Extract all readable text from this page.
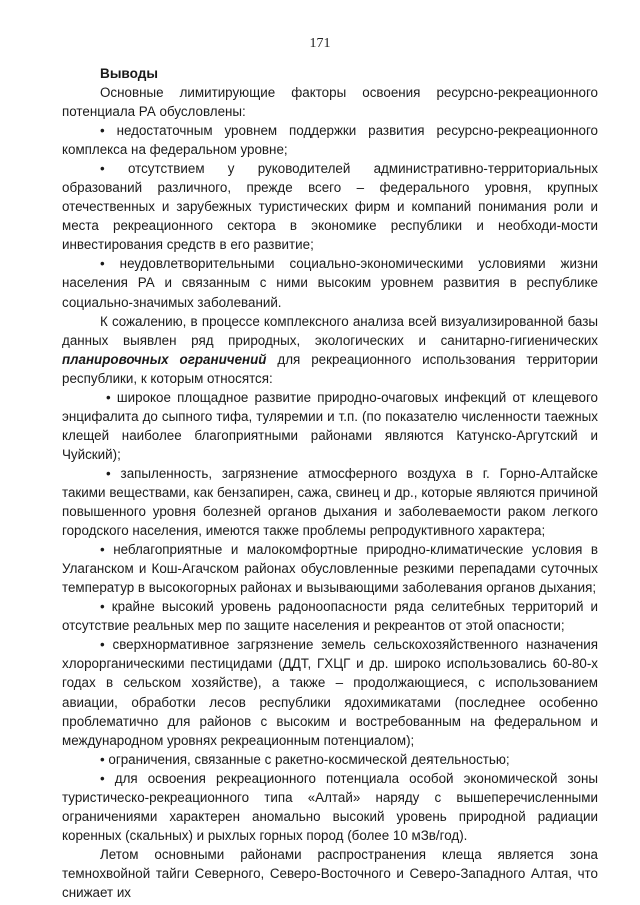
171

Выводы

Основные лимитирующие факторы освоения ресурсно-рекреационного потенциала РА обусловлены:

• недостаточным уровнем поддержки развития ресурсно-рекреационного комплекса на федеральном уровне;

• отсутствием у руководителей административно-территориальных образований различного, прежде всего – федерального уровня, крупных отечественных и зарубежных туристических фирм и компаний понимания роли и места рекреационного сектора в экономике республики и необходи-мости инвестирования средств в его развитие;

• неудовлетворительными социально-экономическими условиями жизни населения РА и связанным с ними высоким уровнем развития в республике социально-значимых заболеваний.

К сожалению, в процессе комплексного анализа всей визуализированной базы данных выявлен ряд природных, экологических и санитарно-гигиенических планировочных ограничений для рекреационного использования территории республики, к которым относятся:

• широкое площадное развитие природно-очаговых инфекций от клещевого энцифалита до сыпного тифа, туляремии и т.п. (по показателю численности таежных клещей наиболее благоприятными районами являются Катунско-Аргутский и Чуйский);

• запыленность, загрязнение атмосферного воздуха в г. Горно-Алтайске такими веществами, как бензапирен, сажа, свинец и др., которые являются причиной повышенного уровня болезней органов дыхания и заболеваемости раком легкого городского населения, имеются также проблемы репродуктивного характера;

• неблагоприятные и малокомфортные природно-климатические условия в Улаганском и Кош-Агачском районах обусловленные резкими перепадами суточных температур в высокогорных районах и вызывающими заболевания органов дыхания;

• крайне высокий уровень радоноопасности ряда селитебных территорий и отсутствие реальных мер по защите населения и рекреантов от этой опасности;

• сверхнормативное загрязнение земель сельскохозяйственного назначения хлорорганическими пестицидами (ДДТ, ГХЦГ и др. широко использовались 60-80-х годах в сельском хозяйстве), а также – продолжающиеся, с использованием авиации, обработки лесов республики ядохимикатами (последнее особенно проблематично для районов с высоким и востребованным на федеральном и международном уровнях рекреационным потенциалом);

• ограничения, связанные с ракетно-космической деятельностью;

• для освоения рекреационного потенциала особой экономической зоны туристическо-рекреационного типа «Алтай» наряду с вышеперечисленными ограничениями характерен аномально высокий уровень природной радиации коренных (скальных) и рыхлых горных пород (более 10 мЗв/год).

Летом основными районами распространения клеща является зона темнохвойной тайги Северного, Северо-Восточного и Северо-Западного Алтая, что снижает их
